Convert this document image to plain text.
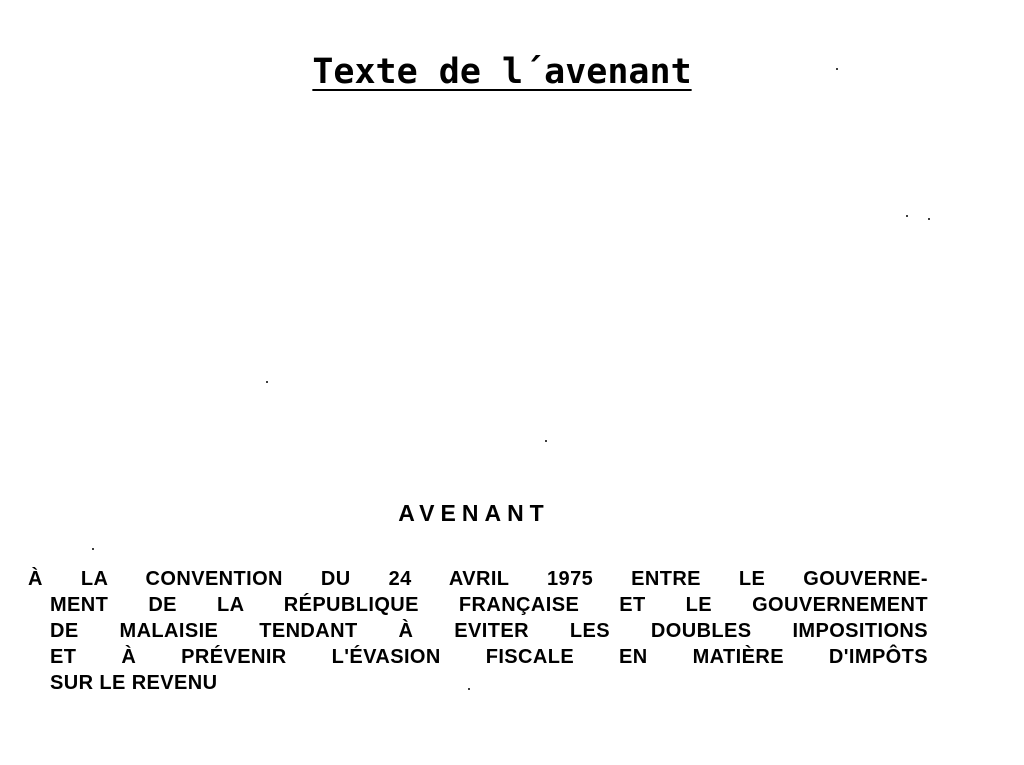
Texte de l´avenant
AVENANT
À LA CONVENTION DU 24 AVRIL 1975 ENTRE LE GOUVERNE-
MENT DE LA RÉPUBLIQUE FRANÇAISE ET LE GOUVERNEMENT
DE MALAISIE TENDANT À EVITER LES DOUBLES IMPOSITIONS
ET À PRÉVENIR L'ÉVASION FISCALE EN MATIÈRE D'IMPÔTS
SUR LE REVENU
